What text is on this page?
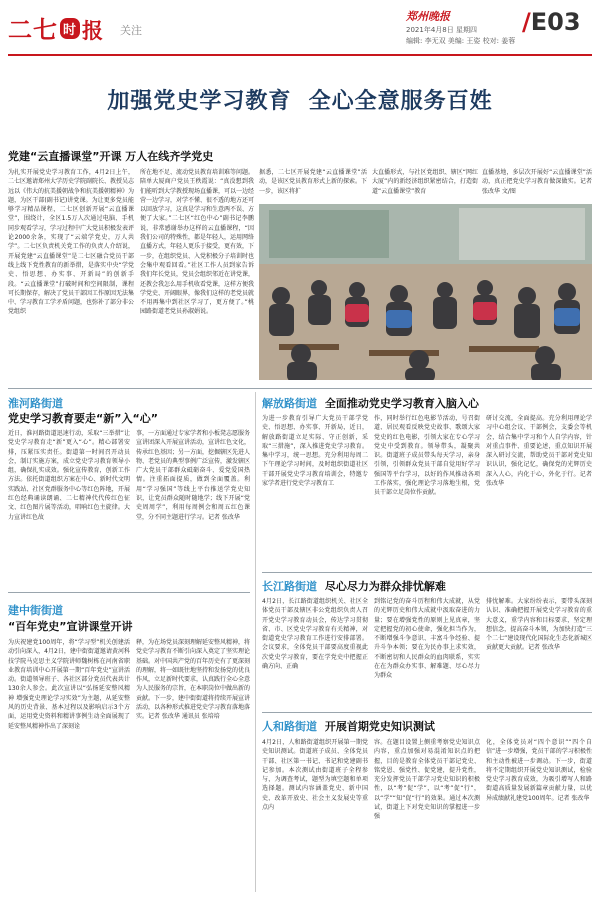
二七 时 报 关注
郑州晚报
2021年4月8日 星期四
编辑: 李无双 美编: 王姿 校对: 姜蓉
/E03
加强党史学习教育  全心全意服务百姓
党建“云直播课堂”开课 万人在线齐学党史
为扎实开展党史学习教育工作，4月2日上午，二七区邀请郑州大学历史学院副院长、教授吴志远以《伟大的抗美援朝战争和抗美援朝精神》为题，为区干部(副书记)讲党课。为让更多党员能够学习精品课程，二七区创新开展“云直播课堂”，围绕计，全区1.5万人次通过电脑、手机同步观看学习，学习过程中广大党员积极发表评论2000余条，实现了“云端学党史，万人共学”。二七区负责机关党工作的负责人介绍说，开展党建“云直播课堂”是二七区融合党员干部线上线下党性教育的新举措，是落实中央“学党史、悟思想、办实事、开新局”的创新手段。“云直播课堂”打破时间和空间限制，课程可长期保存，解决了党员干部因工作原因无法集中、学习教育工学矛盾问题，也弥补了部分非公党组织
所在地不足、流动党员教育培训难等问题。陪单大厦商户党员王秩霞说：“真没想到我们能听到大学教授现场直播课，可以一边经营一边学习，对学不懂、很不透的地方还可以回放学习，这真是学习和生意两不误、方便了大家。”二七区“红色中心”副书记李鹏说，非常感谢举办这样的云直播课程，“因我们公司的特殊性，都是年轻人，运用网络直播方式，年轻人更乐于接受，更有效，下一步，在组织党员、入党积极分子培训时也会集中观看回看。”社区工作人员到家告诉我们年长党员，党员会组织邻近在讲党课，还教会我怎么用手机收看党课，这样方便我学党史、开阔眼界，像我们这样的老党员就不用再集中到社区学习了，更方便了。”桃园路街道老党员孙淑娟说。
据悉，二七区开展党建“云直播课堂”活动，是该区党员教育形式上新的探索。下一步，该区将扩
大直播形式，与社区党组织、辖区“网红大厦”内的新经济组织紧密结合，打造街道“云直播课堂”教育
直播基地，多层次开展好“云直播课堂”活动，真正把党史学习教育做深做实。记者 张改华 文/图
淮河路街道
党史学习教育要走“新”入“心”
近日，淮河路街道迅速行动，采取“三举措”让党史学习教育走“新”更入“心”。精心部署安排，压紧压实责任。街道第一时间召开动员会，制订实施方案，成立党史学习教育领导小组，确保扎实成效。强化宣传教育，创新工作方法。依托街道组织方案在中心、新时代文明实践站、社区党群服务中心等红色阵地，开展红色经典诵读朗诵、二七精神代代传红色征文、红色图片展等活动，唱响红色主旋律。大力宣讲红色故
事，一方面通过专家学者和小板凳志愿服务宣讲团深入开展宣讲活动，宣讲红色文化，传承红色基因；另一方面，挖掘辖区先进人物、老党员的典型事例广泛宣传，激发辖区广大党员干部群众砥砺奋斗、爱党爱国热情。注重拓面提质，做到全面覆盖。利用“学习强国”等线上平台推送学党史知识，让党员群众随时随地学；线下开展“党史周周学”，利用每周例会和周五红色课堂，分不同主题进行学习。记者 张改华
建中街街道
“百年党史”宣讲课堂开讲
为庆祝建党100周年，将“学习型”机关创建活动引向深入，4月2日，建中街街道邀请黄河科技学院马克思主义学院讲师魏树栋在河南省职业教育培训中心开展第一期“百年党史”宣讲活动。街道领导班子、各社区部分党员代表共计130余人参会。此次宣讲以“弘扬延安整风精神 增强党史理论学习实效”为主题，从延安整风的历史背景、基本过程以及影响启示3个方面，运用党史资料和精讲事例生动全面展现了延安整风精神作出了深刻诠
释，为在场党员深刻理解延安整风精神，将党史学习教育不断引向深入奠定了坚实理论基础。对中国共产党的百年历史有了更深刻的理解，将一如既往地坚持和发扬党的优良作风，立足新时代要求，认真践行全心全意为人民服务的宗旨，在本职岗位中做出新的贡献。下一步，建中街街道将持续开展宣讲活动，以各种形式推进党史学习教育落地落实。记者 张改华 通讯员 张培培
解放路街道 全面推动党史学习教育入脑入心
为进一步教育引导广大党员干部学党史、悟思想、办实事、开新局，近日，解放路街道立足实际、守正创新，采取“三措施”，深入推进党史学习教育。集中学习，统一思想。充分利用每周二下午理论学习时间，及时组织街道社区干部开展党史学习教育培训会，特邀专家学者进行党史学习教育工
作，同时举行红色电影节活动，号召街道、居民观看反映党史故事、歌颂大家党史的红色电影，引领大家在专心学习党史中受到教育。领导带头，凝聚共识。街道班子成员带头每天学习，亲身引领，引领群众党员干部自觉用好学习强国等平台学习，以好的作风推动各项工作落实，强化理论学习落地生根，党员干部立足岗位作贡献。
研讨交流，全面提高。充分利用理论学习中心组会议、干部例会，支委会等机会，结合集中学习和个人自学内容，针对重点事件、重要论述，重点知识开展深入研讨交流，帮助党员干部对党史知识认识，强化记忆，确保党的光辉历史深入人心，内化于心，外化于行。记者 张改华
长江路街道 尽心尽力为群众排忧解难
4月2日，长江路街道组织机关、社区全体党员干部及辖区非公党组织负责人召开党史学习教育动员会，传达学习贯彻省、市、区党史学习教育有关精神，对街道党史学习教育工作进行安排部署。会议要求，全体党员干部要高度重视此次党史学习教育，要在学党史中把握正确方向、正确
到铭记党的奋斗历程和伟大成就，从党的光辉历史和伟大成就中汲取奋进的力量；要在增强党性的原则上见真章，坚定把握党的初心使命，强化担当作为，不断增强斗争意识、丰富斗争经验、提升斗争本领；要在为民办事上求实效，不断密切和人民群众的血肉联系，实实在在为群众办实事、解难题、尽心尽力为群众
排忧解难。大家纷纷表示，要带头深刻认识、准确把握开展党史学习教育的重大意义，重学内容和目标要求，坚定理想信念，提高奋斗本领，为加快打造“三个二七”建设现代化国际化生态化新城区贡献更大贡献。记者 张改华
人和路街道 开展首期党史知识测试
4月2日，人和路街道组织开展第一期党史知识测试。街道班子成员、全体党员干部、社区第一书记、书记和党建副书记参加。本次测试由街道班子全程参与，为调查考试，题型为填空题和单项选择题。测试内容涵盖党史、新中国史、改革开放史、社会主义发展史等重点内
容。在题目设置上侧重考察党史知识点内容，重点加强对易混淆知识点的把握，目的是教育全体党员干部记党史、铭党恩、强党性、促党建，提升党性，充分发挥党员干部学习党史知识的积极性，以“考”促“学”，以“考”促“行”，以“学”“知”促“行”的效果。通过本次测试，街道上下对党史知识的掌握进一步强
化，全体党员对“四个意识”“四个自信”进一步增强，党员干部的学习积极性和主动性被进一步调动。下一步，街道将不定期组织开展党史知识测试，检验党史学习教育成效，为吸引增写人和路街道高质量发展新篇章贡献力量，以优异成绩献礼建党100周年。记者 张改华
